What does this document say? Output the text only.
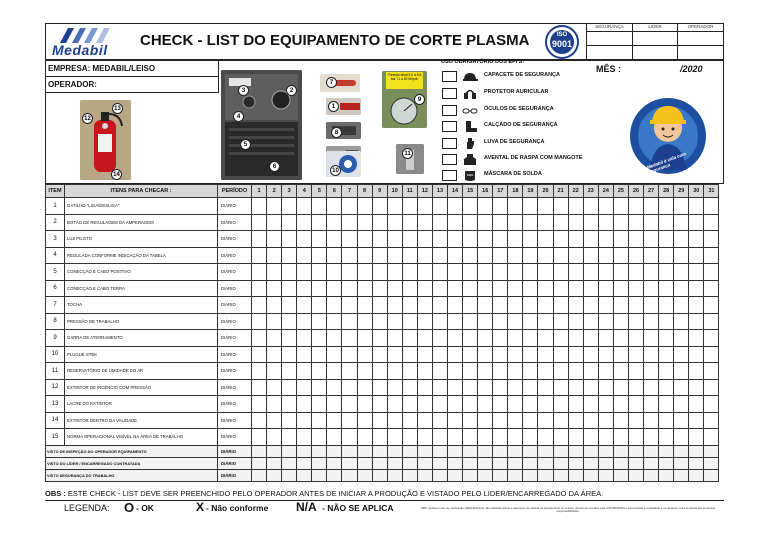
Medabil
CHECK - LIST DO EQUIPAMENTO DE CORTE PLASMA	ISO
9001
SEGURANÇA	LIDER	OPERADOR
EMPRESA: MEDABIL/LEISO
OPERADOR:
12
13
14
2
3
4
5
6
7
1
8
10
Pressão ideal 5,0 a 5,8 bar 71 a 82 lbf/pol²
9
11
USO OBRIGATÓRIO DOS EPI'S:
CAPACETE DE SEGURANÇA
PROTETOR AURICULAR
ÓCULOS DE SEGURANÇA
CALÇADO DE SEGURANÇA
LUVA DE SEGURANÇA
AVENTAL DE RASPA COM MANGOTE
MÁSCARA DE SOLDA
MÊS :	/2020
Medabil é vida com segurança
ITEM	ITENS PARA CHECAR :	PERÍODO	1	2	3	4	5	6	7	8	9	10	11	12	13	14	15	16	17	18	19	20	21	22	23	24	25	26	27	28	29	30	31
1	GATILHO "LIGA/DESLIGA"	DIÁRIO																															
2	BOTÃO DE REGULAGEM DA AMPERAGEM	DIÁRIO																															
3	LUZ PILOTO	DIÁRIO																															
4	REGULADA CONFORME INDICAÇÃO DA TABELA	DIÁRIO																															
5	CONECÇÃO E CABO POSITIVO	DIÁRIO																															
6	CONECÇÃO E CABO TERRA	DIÁRIO																															
7	TOCHA	DIÁRIO																															
8	PRESSÃO DE TRABALHO	DIÁRIO																															
9	GARRA DE ATERRAMENTO	DIÁRIO																															
10	PLUGUE STEK	DIÁRIO																															
11	RESERVATÓRIO DE UMIDADE DO AR	DIÁRIO																															
12	EXTINTOR DE INCÊNCIO COM PRESSÃO	DIÁRIO																															
13	LACRE DO EXTINTOR	DIÁRIO																															
14	EXTINTOR DENTRO DA VALIDADE	DIÁRIO																															
15	NORMA OPERACIONAL VISÍVEL NA ÁREA DE TRABALHO	DIÁRIO																															
VISTO DE INSPEÇÃO DO OPERADOR EQUIPAMENTO		DIÁRIO																															
VISTO DO LÍDER / ENCARREGADO CONTRATADA		DIÁRIO																															
VISTO SEGURANÇA DO TRABALHO		DIÁRIO																															
OBS : ESTE CHECK - LIST DEVE SER PREENCHIDO PELO OPERADOR ANTES DE INICIAR A PRODUÇÃO E VISTADO PELO LIDER/ENCARREGADO DA ÁREA.
LEGENDA: O - OK	X - Não conforme N/A - NÃO SE APLICA	OBS: Qualquer item de verificação (SEGURANÇA) não realizado acima e descrever do manual de equipamento ou veículo, deverá ser anotado pela CONTRATADA e comunicado a contratante e na qualquer outra empresa das empresas responsabilidades.
